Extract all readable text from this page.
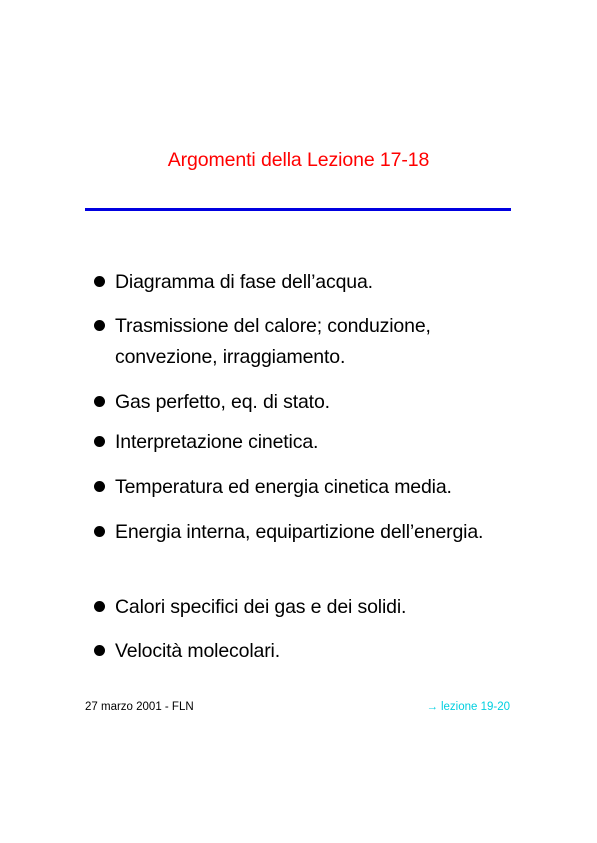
Argomenti della Lezione 17-18
Diagramma di fase dell’acqua.
Trasmissione del calore; conduzione,
convezione, irraggiamento.
Gas perfetto, eq. di stato.
Interpretazione cinetica.
Temperatura ed energia cinetica media.
Energia interna, equipartizione dell’energia.
Calori specifici dei gas e dei solidi.
Velocità molecolari.
27 marzo 2001 - FLN	→ lezione 19-20
